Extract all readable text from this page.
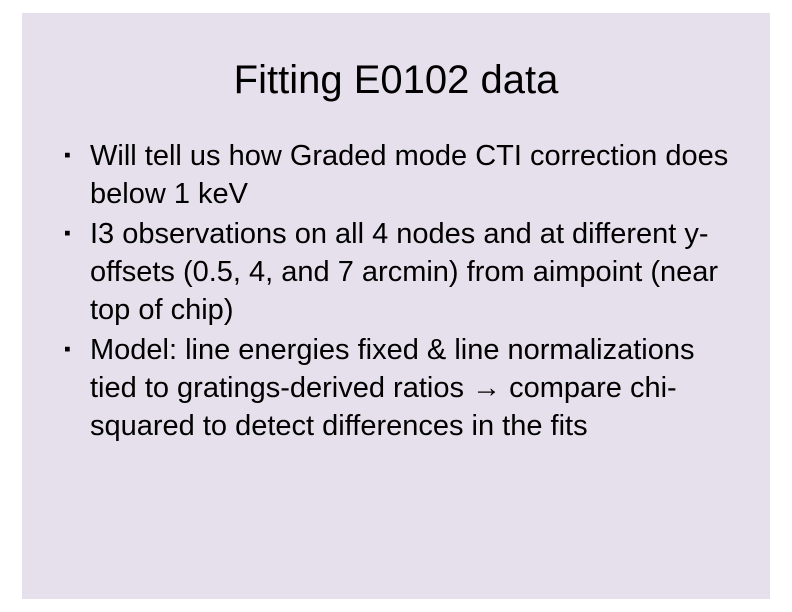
Fitting E0102 data
▪ Will tell us how Graded mode CTI correction does below 1 keV
▪ I3 observations on all 4 nodes and at different y-offsets (0.5, 4, and 7 arcmin) from aimpoint (near top of chip)
▪ Model: line energies fixed & line normalizations tied to gratings-derived ratios → compare chi-squared to detect differences in the fits
